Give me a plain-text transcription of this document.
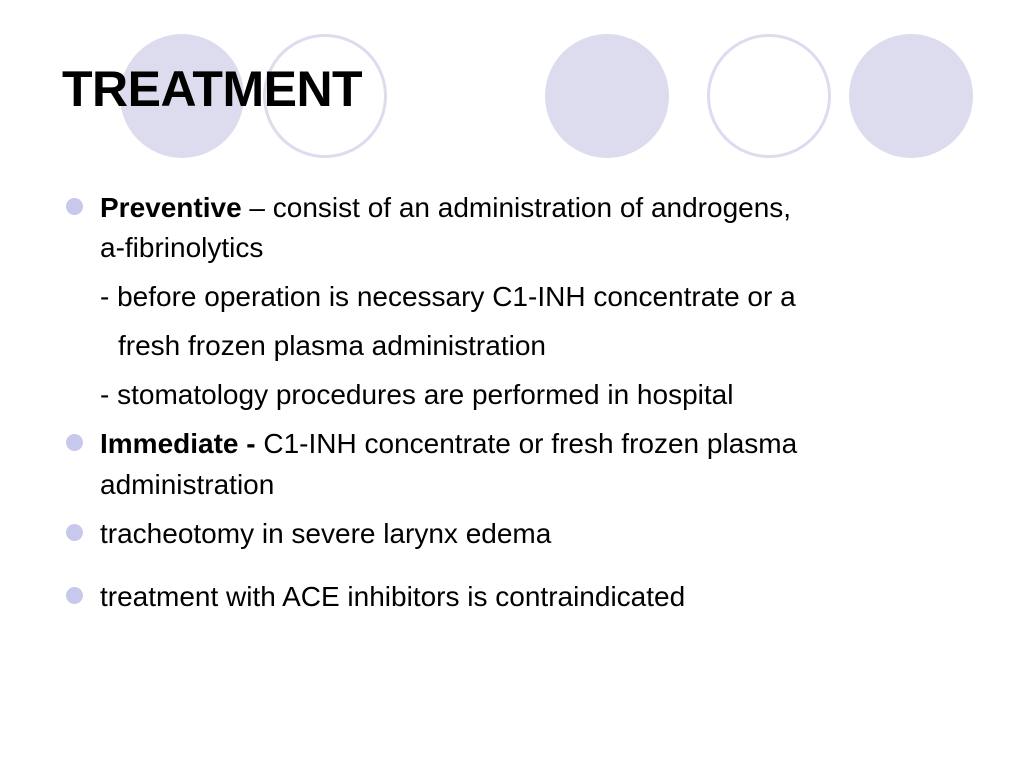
TREATMENT
Preventive – consist of an administration of androgens,
a-fibrinolytics
- before operation is necessary C1-INH concentrate or a
fresh frozen plasma administration
- stomatology procedures are performed in hospital
Immediate - C1-INH concentrate or fresh frozen plasma
administration
tracheotomy in severe larynx edema
treatment with ACE inhibitors is contraindicated
